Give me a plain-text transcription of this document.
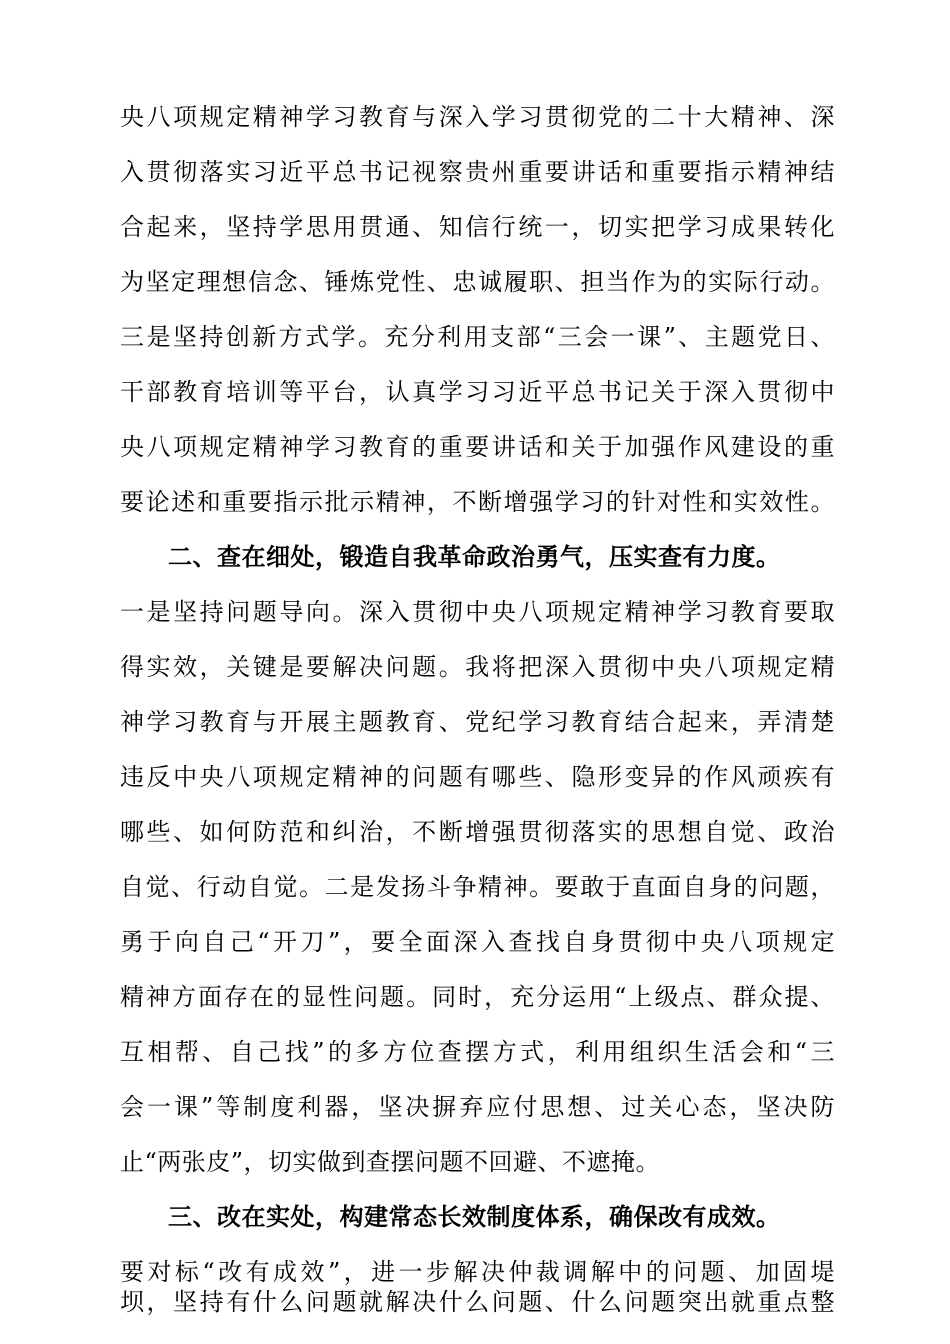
央八项规定精神学习教育与深入学习贯彻党的二十大精神、深
入贯彻落实习近平总书记视察贵州重要讲话和重要指示精神结
合起来，坚持学思用贯通、知信行统一，切实把学习成果转化
为坚定理想信念、锤炼党性、忠诚履职、担当作为的实际行动。
三是坚持创新方式学。充分利用支部“三会一课”、主题党日、
干部教育培训等平台，认真学习习近平总书记关于深入贯彻中
央八项规定精神学习教育的重要讲话和关于加强作风建设的重
要论述和重要指示批示精神，不断增强学习的针对性和实效性。
二、查在细处，锻造自我革命政治勇气，压实查有力度。
一是坚持问题导向。深入贯彻中央八项规定精神学习教育要取
得实效，关键是要解决问题。我将把深入贯彻中央八项规定精
神学习教育与开展主题教育、党纪学习教育结合起来，弄清楚
违反中央八项规定精神的问题有哪些、隐形变异的作风顽疾有
哪些、如何防范和纠治，不断增强贯彻落实的思想自觉、政治
自觉、行动自觉。二是发扬斗争精神。要敢于直面自身的问题，
勇于向自己“开刀”，要全面深入查找自身贯彻中央八项规定
精神方面存在的显性问题。同时，充分运用“上级点、群众提、
互相帮、自己找”的多方位查摆方式，利用组织生活会和“三
会一课”等制度利器，坚决摒弃应付思想、过关心态，坚决防
止“两张皮”，切实做到查摆问题不回避、不遮掩。
三、改在实处，构建常态长效制度体系，确保改有成效。
要对标“改有成效”，进一步解决仲裁调解中的问题、加固堤
坝，坚持有什么问题就解决什么问题、什么问题突出就重点整
